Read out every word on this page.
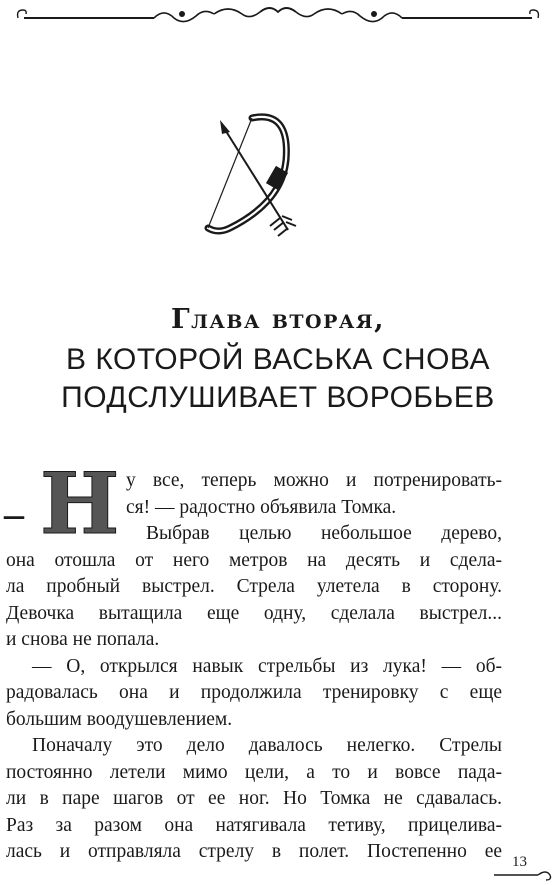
Глава вторая,
В КОТОРОЙ ВАСЬКА СНОВА
ПОДСЛУШИВАЕТ ВОРОБЬЕВ
– Н у все, теперь можно и потренировать-
ся! — радостно объявила Томка.
Выбрав целью небольшое дерево,
она отошла от него метров на десять и сдела-
ла пробный выстрел. Стрела улетела в сторону.
Девочка вытащила еще одну, сделала выстрел...
и снова не попала.
— О, открылся навык стрельбы из лука! — об-
радовалась она и продолжила тренировку с еще
большим воодушевлением.
Поначалу это дело давалось нелегко. Стрелы
постоянно летели мимо цели, а то и вовсе пада-
ли в паре шагов от ее ног. Но Томка не сдавалась.
Раз за разом она натягивала тетиву, прицелива-
лась и отправляла стрелу в полет. Постепенно ее 13
